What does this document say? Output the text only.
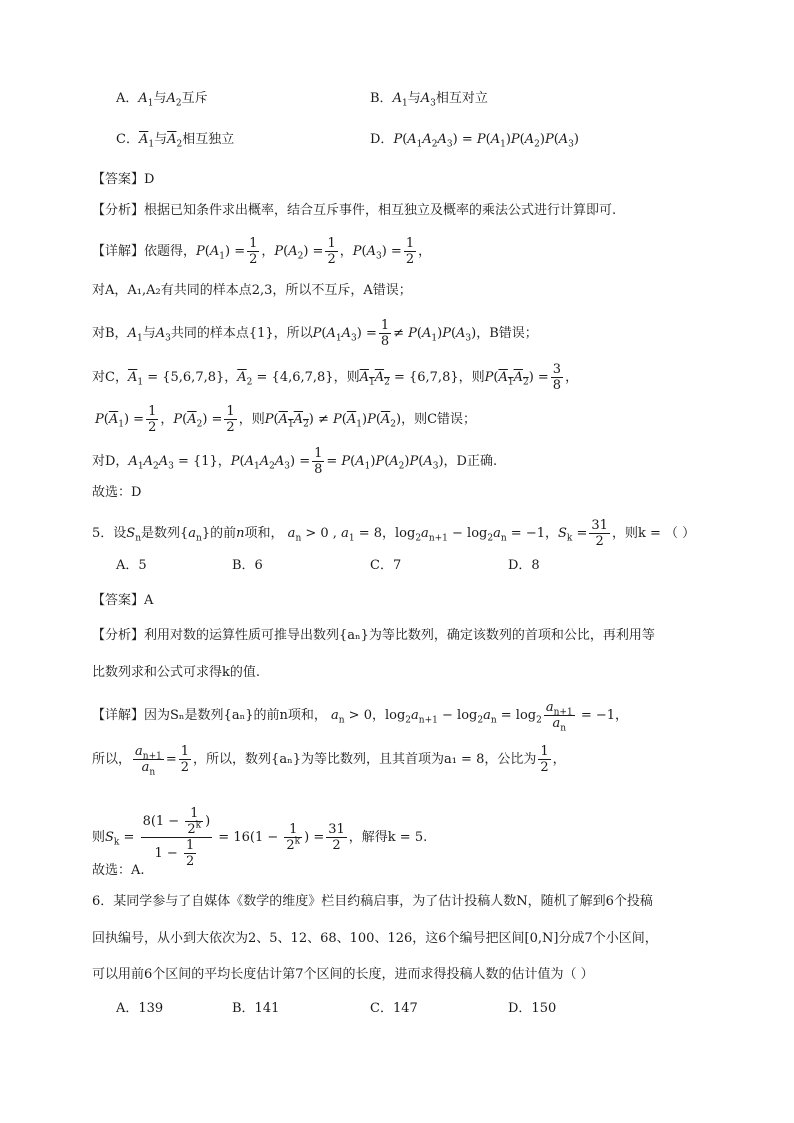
A．$A_1$与$A_2$互斥	B．$A_1$与$A_3$相互对立
C．$\overline{A}_1$与$\overline{A}_2$相互独立	D．$P(A_1A_2A_3) = P(A_1)P(A_2)P(A_3)$
【答案】D
【分析】根据已知条件求出概率，结合互斥事件，相互独立及概率的乘法公式进行计算即可.
【详解】依题得，$P(A_1) = \frac{1}{2}$ ，$P(A_2) = \frac{1}{2}$ ，$P(A_3) = \frac{1}{2}$ ，
对A，A₁,A₂有共同的样本点2,3，所以不互斥，A错误；
对B，$A_1$与$A_3$共同的样本点{1}，所以$P(A_1A_3) = \frac{1}{8} \ne P(A_1)P(A_3)$，B错误；
对C，$\overline{A}_1 = \{5,6,7,8\}$，$\overline{A}_2 = \{4,6,7,8\}$，则$A_1A_2 = \{6,7,8\}$，则$P(A_1A_2) = \frac{3}{8}$ ，
$P(\overline{A}_1) = \frac{1}{2}$ ，$P(\overline{A}_2) = \frac{1}{2}$ ，则$P(A_1A_2) \ne P(\overline{A}_1)P(\overline{A}_2)$，则C错误；
对D，$A_1A_2A_3 = \{1\}$，$P(A_1A_2A_3) = \frac{1}{8} = P(A_1)P(A_2)P(A_3)$，D正确.
故选：D
5．设$S_n$是数列$\{a_n\}$的前n项和， $a_n > 0$ , $a_1 = 8$，$\log_2a_{n+1} - \log_2a_n = -1$，$S_k = \frac{31}{2}$ ，则k = （ ）
A．5	B．6	C．7	D．8
【答案】A
【分析】利用对数的运算性质可推导出数列{aₙ}为等比数列，确定该数列的首项和公比，再利用等
比数列求和公式可求得k的值.
【详解】因为Sₙ是数列{aₙ}的前n项和， $a_n > 0$，$\log_2a_{n+1} - \log_2a_n = \log_2 \frac{a_{n+1}}{a_n} = -1$，
所以， $\frac{a_{n+1}}{a_n} = \frac{1}{2}$ ，所以，数列{aₙ}为等比数列，且其首项为a₁ = 8，公比为 $\frac{1}{2}$ ，
则$S_k = \frac{8(1 - \frac{1}{2^k} )}{1 - \frac{1}{2}} = 16(1 - \frac{1}{2^k}$ ) = $\frac{31}{2}$ ，解得k = 5.
故选：A.
6．某同学参与了自媒体《数学的维度》栏目约稿启事，为了估计投稿人数N，随机了解到6个投稿
回执编号，从小到大依次为2、5、12、68、100、126，这6个编号把区间[0,N]分成7个小区间，
可以用前6个区间的平均长度估计第7个区间的长度，进而求得投稿人数的估计值为（ ）
A．139	B．141	C．147	D．150
